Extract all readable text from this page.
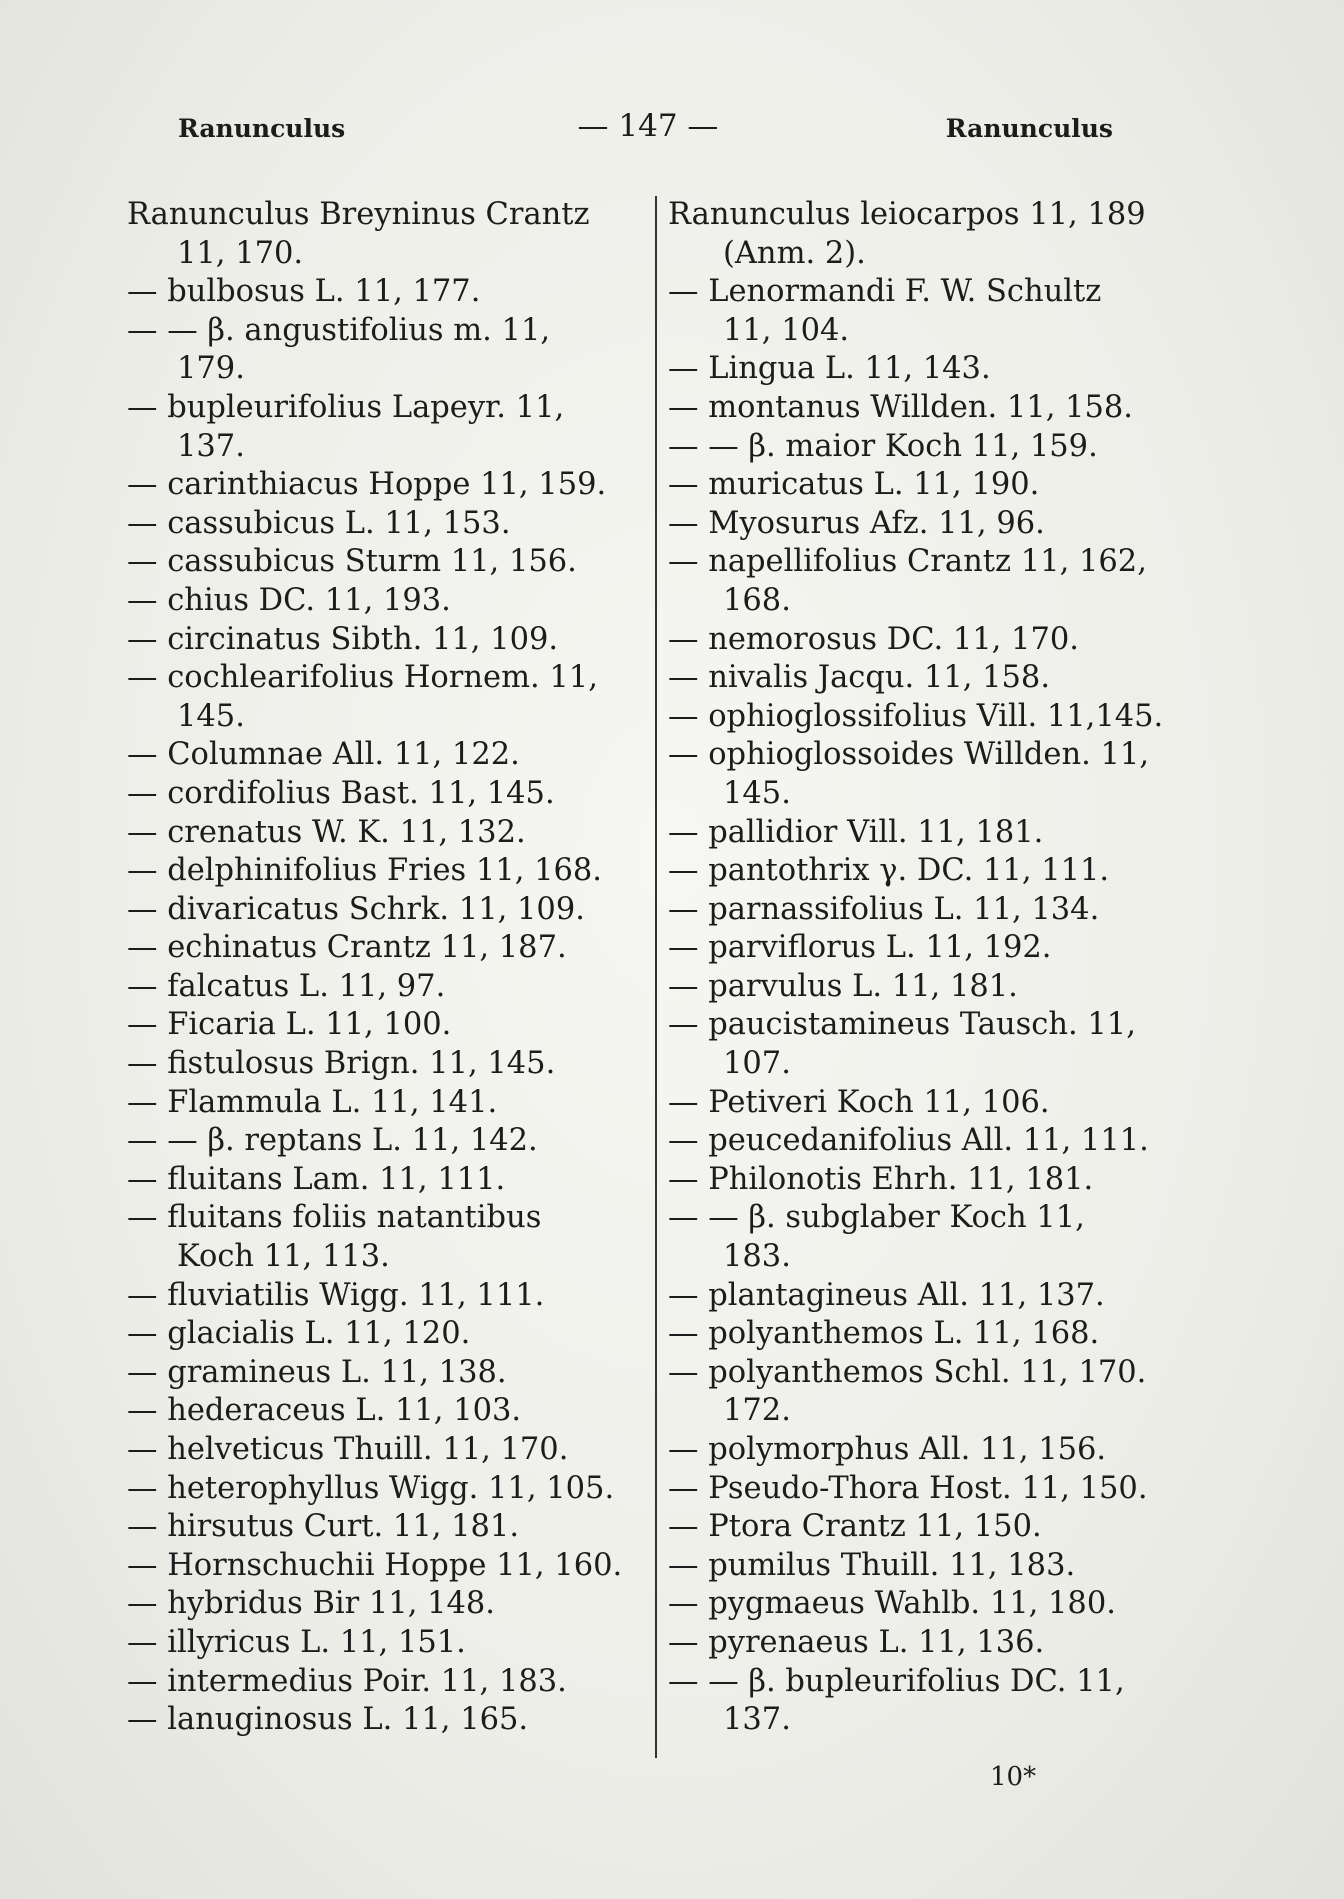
Ranunculus	— 147 —	Ranunculus
Ranunculus Breyninus Crantz
11, 170.
— bulbosus L. 11, 177.
— — β. angustifolius m. 11,
179.
— bupleurifolius Lapeyr. 11,
137.
— carinthiacus Hoppe 11, 159.
— cassubicus L. 11, 153.
— cassubicus Sturm 11, 156.
— chius DC. 11, 193.
— circinatus Sibth. 11, 109.
— cochlearifolius Hornem. 11,
145.
— Columnae All. 11, 122.
— cordifolius Bast. 11, 145.
— crenatus W. K. 11, 132.
— delphinifolius Fries 11, 168.
— divaricatus Schrk. 11, 109.
— echinatus Crantz 11, 187.
— falcatus L. 11, 97.
— Ficaria L. 11, 100.
— fistulosus Brign. 11, 145.
— Flammula L. 11, 141.
— — β. reptans L. 11, 142.
— fluitans Lam. 11, 111.
— fluitans foliis natantibus
Koch 11, 113.
— fluviatilis Wigg. 11, 111.
— glacialis L. 11, 120.
— gramineus L. 11, 138.
— hederaceus L. 11, 103.
— helveticus Thuill. 11, 170.
— heterophyllus Wigg. 11, 105.
— hirsutus Curt. 11, 181.
— Hornschuchii Hoppe 11, 160.
— hybridus Bir 11, 148.
— illyricus L. 11, 151.
— intermedius Poir. 11, 183.
— lanuginosus L. 11, 165.
Ranunculus leiocarpos 11, 189
(Anm. 2).
— Lenormandi F. W. Schultz
11, 104.
— Lingua L. 11, 143.
— montanus Willden. 11, 158.
— — β. maior Koch 11, 159.
— muricatus L. 11, 190.
— Myosurus Afz. 11, 96.
— napellifolius Crantz 11, 162,
168.
— nemorosus DC. 11, 170.
— nivalis Jacqu. 11, 158.
— ophioglossifolius Vill. 11,145.
— ophioglossoides Willden. 11,
145.
— pallidior Vill. 11, 181.
— pantothrix γ. DC. 11, 111.
— parnassifolius L. 11, 134.
— parviflorus L. 11, 192.
— parvulus L. 11, 181.
— paucistamineus Tausch. 11,
107.
— Petiveri Koch 11, 106.
— peucedanifolius All. 11, 111.
— Philonotis Ehrh. 11, 181.
— — β. subglaber Koch 11,
183.
— plantagineus All. 11, 137.
— polyanthemos L. 11, 168.
— polyanthemos Schl. 11, 170.
172.
— polymorphus All. 11, 156.
— Pseudo-Thora Host. 11, 150.
— Ptora Crantz 11, 150.
— pumilus Thuill. 11, 183.
— pygmaeus Wahlb. 11, 180.
— pyrenaeus L. 11, 136.
— — β. bupleurifolius DC. 11,
137.
10*
